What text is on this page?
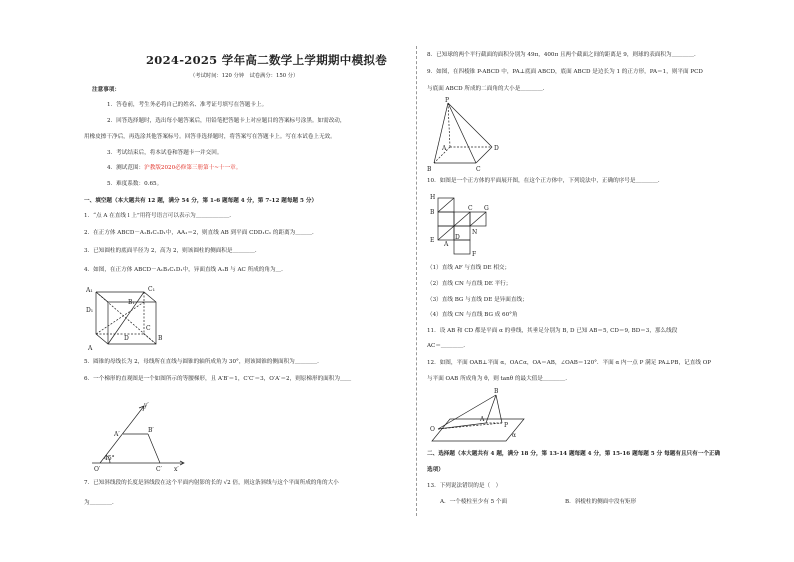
2024-2025 学年高二数学上学期期中模拟卷
（考试时间：120 分钟　试卷满分：150 分）
注意事项：
1．答卷前，考生务必将自己的姓名、准考证号填写在答题卡上。
2．回答选择题时，选出每小题答案后，用铅笔把答题卡上对应题目的答案标号涂黑。如需改动，
用橡皮擦干净后，再选涂其他答案标号。回答非选择题时，将答案写在答题卡上。写在本试卷上无效。
3．考试结束后，将本试卷和答题卡一并交回。
4．测试范围：沪教版2020必修第三册第十~十一章。
5．难度系数：0.65。
一、填空题（本大题共有 12 题，满分 54 分，第 1-6 题每题 4 分，第 7-12 题每题 5 分）
1．“点 A 在直线 l 上”用符号语言可以表示为＿＿＿＿＿＿.
2．在正方体 ABCD－A₁B₁C₁D₁中，AA₁＝2，则直线 AB 到平面 CDD₁C₁ 的距离为＿＿＿.
3．已知圆柱的底面半径为 2，高为 2，则该圆柱的侧面积是＿＿＿＿.
4．如图，在正方体 ABCD－A₁B₁C₁D₁中，异面直线 A₁B 与 AC 所成的角为＿.
A₁
B₁
C₁
D₁
A
B
C
D
5．圆锥的母线长为 2，母线所在直线与圆锥的轴所成角为 30°，则该圆锥的侧面积为＿＿＿＿.
6．一个梯形的直观图是一个如图所示的等腰梯形，且 A′B′＝1，C′C′＝3，O′A′＝2，则原梯形的面积为＿＿
y′
A′
B′
O′	C′ x′
45°
7．已知斜线段的长度是斜线段在这个平面内射影的长的 √2 倍，则这条斜线与这个平面所成的角的大小
为＿＿＿＿.
8．已知球的两个平行截面的面积分别为 49π，400π 且两个截面之间的距离是 9，则球的表面积为＿＿＿＿.
9．如图，在四棱锥 P-ABCD 中，PA⊥底面 ABCD，底面 ABCD 是边长为 1 的正方形，PA＝1，则平面 PCD
与底面 ABCD 所成的二面角的大小是＿＿＿＿.
P
A
B	C
D
10．如图是一个正方体的平面展开图，在这个正方体中，下列说法中，正确的序号是＿＿＿＿.
H
B
C G
E
A
D
N
F
（1）直线 AF 与直线 DE 相交；
（2）直线 CN 与直线 DE 平行；
（3）直线 BG 与直线 DE 是异面直线；
（4）直线 CN 与直线 BG 成 60°角
11．设 AB 和 CD 都是平面 α 的垂线，其垂足分别为 B, D 已知 AB＝5, CD＝9, BD＝3，那么线段
AC＝＿＿＿＿.
12．如图，平面 OAB⊥平面 α，OA⊂α，OA＝AB，∠OAB＝120°．平面 α 内一点 P 满足 PA⊥PB，记直线 OP
与平面 OAB 所成角为 θ，则 tanθ 的最大值是＿＿＿＿.
B
O
A
P
α
二、选择题（本大题共有 4 题，满分 18 分，第 13-14 题每题 4 分，第 15-16 题每题 5 分 每题有且只有一个正确
选项）
13．下列说法错误的是（　）
A．一个棱柱至少有 5 个面	B．斜棱柱的侧面中没有矩形
